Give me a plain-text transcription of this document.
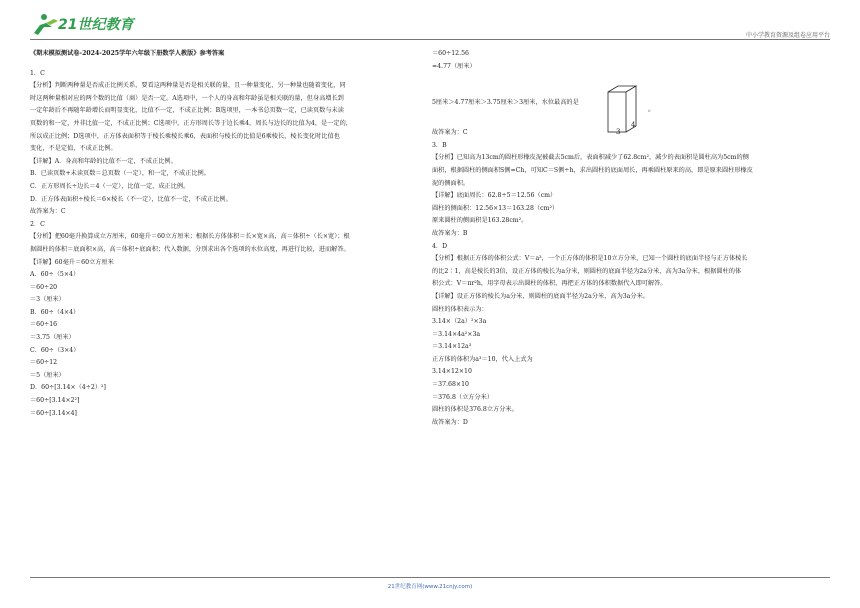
21世纪教育
中小学教育资源及组卷应用平台
《期末模拟测试卷-2024-2025学年六年级下册数学人教版》参考答案
1．C
【分析】判断两种量是否成正比例关系，要看这两种量是否是相关联的量，且一种量变化，另一种量也随着变化，同
时这两种量相对应的两个数的比值（商）是否一定。A选项中，一个人的身高和年龄虽是相关联的量，但身高增长到
一定年龄后不再随年龄增长而明显变化，比值不一定，不成正比例；B选项里，一本书总页数一定，已读页数与未读
页数的和一定，并非比值一定，不成正比例；C选项中，正方形周长等于边长乘4，周长与边长的比值为4，是一定的，
所以成正比例；D选项中，正方体表面积等于棱长乘棱长乘6，表面积与棱长的比值是6乘棱长，棱长变化时比值也
变化，不是定值，不成正比例。
【详解】A．身高和年龄的比值不一定，不成正比例。
B．已读页数+未读页数＝总页数（一定），和一定，不成正比例。
C．正方形周长÷边长＝4（一定），比值一定，成正比例。
D．正方体表面积÷棱长＝6×棱长（不一定），比值不一定，不成正比例。
故答案为：C
2．C
【分析】把60毫升换算成立方厘米，60毫升＝60立方厘米；根据长方体体积＝长×宽×高，高＝体积÷（长×宽）；根
据圆柱的体积＝底面积×高，高＝体积÷底面积；代入数据，分别求出各个选项的水位高度，再进行比较，进而解答。
【详解】60毫升＝60立方厘米
A．60÷（5×4）
＝60÷20
＝3（厘米）
B．60÷（4×4）
＝60÷16
＝3.75（厘米）
C．60÷（3×4）
＝60÷12
＝5（厘米）
D．60÷[3.14×（4÷2）²]
＝60÷[3.14×2²]
＝60÷[3.14×4]
＝60÷12.56
≈4.77（厘米）
5厘米＞4.77厘米＞3.75厘米＞3厘米，水位最高的是
故答案为：C
3．B
【分析】已知高为13cm的圆柱形橡皮泥被截去5cm后，表面积减少了62.8cm²，减少的表面积是圆柱高为5cm的侧
面积，根据圆柱的侧面积S侧=Ch，可知C＝S侧÷h，求出圆柱的底面周长，再乘圆柱原来的高，即是原来圆柱形橡皮
泥的侧面积。
【详解】底面周长：62.8÷5＝12.56（cm）
圆柱的侧面积：12.56×13＝163.28（cm²）
原来圆柱的侧面积是163.28cm²。
故答案为：B
4．D
【分析】根据正方体的体积公式：V＝a³，一个正方体的体积是10立方分米，已知一个圆柱的底面半径与正方体棱长
的比2∶1，高是棱长的3倍，设正方体的棱长为a分米，则圆柱的底面半径为2a分米，高为3a分米，根据圆柱的体
积公式：V＝πr²h，用字母表示出圆柱的体积，再把正方体的体积数据代入即可解答。
【详解】设正方体的棱长为a分米，则圆柱的底面半径为2a分米，高为3a分米。
圆柱的体积表示为：
3.14×（2a）²×3a
＝3.14×4a²×3a
＝3.14×12a³
正方体的体积为a³＝10，代入上式为
3.14×12×10
＝37.68×10
＝376.8（立方分米）
圆柱的体积是376.8立方分米。
故答案为：D
3
4
。
21世纪教育网(www.21cnjy.com)
